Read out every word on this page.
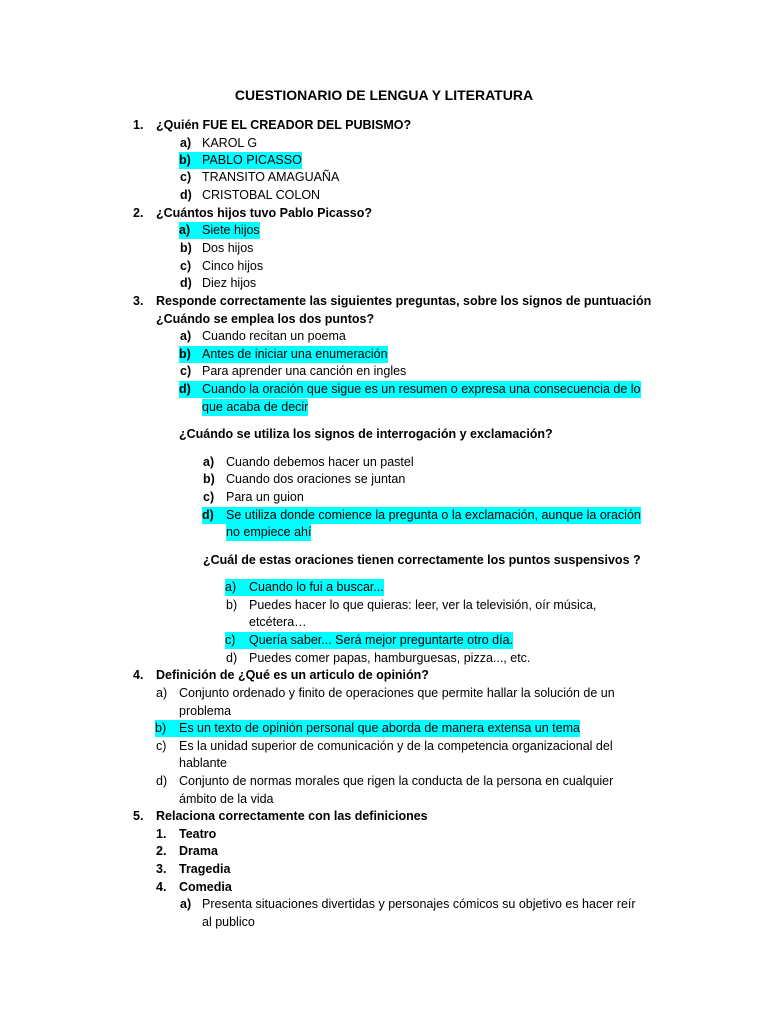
CUESTIONARIO DE LENGUA Y LITERATURA
1. ¿Quién FUE EL CREADOR DEL PUBISMO?
a) KAROL G
b) PABLO PICASSO
c) TRANSITO AMAGUAÑA
d) CRISTOBAL COLON
2. ¿Cuántos hijos tuvo Pablo Picasso?
a) Siete hijos
b) Dos hijos
c) Cinco hijos
d) Diez hijos
3. Responde correctamente las siguientes preguntas, sobre los signos de puntuación
¿Cuándo se emplea los dos puntos?
a) Cuando recitan un poema
b) Antes de iniciar una enumeración
c) Para aprender una canción en ingles
d) Cuando la oración que sigue es un resumen o expresa una consecuencia de lo
que acaba de decir
¿Cuándo se utiliza los signos de interrogación y exclamación?
a) Cuando debemos hacer un pastel
b) Cuando dos oraciones se juntan
c) Para un guion
d) Se utiliza donde comience la pregunta o la exclamación, aunque la oración
no empiece ahí
¿Cuál de estas oraciones tienen correctamente los puntos suspensivos ?
a)	Cuando lo fui a buscar...
b) Puedes hacer lo que quieras: leer, ver la televisión, oír música,
etcétera…
c)	Quería saber... Será mejor preguntarte otro día.
d) Puedes comer papas, hamburguesas, pizza..., etc.
4. Definición de ¿Qué es un articulo de opinión?
a) Conjunto ordenado y finito de operaciones que permite hallar la solución de un
problema
b)	Es un texto de opinión personal que aborda de manera extensa un tema
c) Es la unidad superior de comunicación y de la competencia organizacional del
hablante
d) Conjunto de normas morales que rigen la conducta de la persona en cualquier
ámbito de la vida
5. Relaciona correctamente con las definiciones
1. Teatro
2. Drama
3. Tragedia
4. Comedia
a) Presenta situaciones divertidas y personajes cómicos su objetivo es hacer reír
al publico
